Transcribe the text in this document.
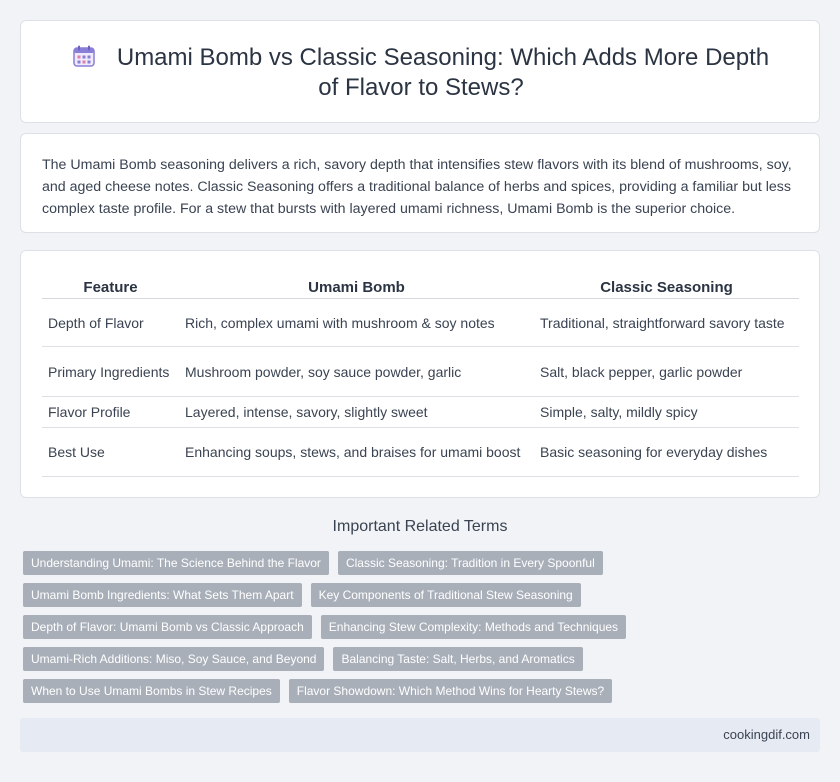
Umami Bomb vs Classic Seasoning: Which Adds More Depth of Flavor to Stews?

The Umami Bomb seasoning delivers a rich, savory depth that intensifies stew flavors with its blend of mushrooms, soy, and aged cheese notes. Classic Seasoning offers a traditional balance of herbs and spices, providing a familiar but less complex taste profile. For a stew that bursts with layered umami richness, Umami Bomb is the superior choice.

Feature	Umami Bomb	Classic Seasoning
Depth of Flavor	Rich, complex umami with mushroom & soy notes	Traditional, straightforward savory taste
Primary Ingredients	Mushroom powder, soy sauce powder, garlic	Salt, black pepper, garlic powder
Flavor Profile	Layered, intense, savory, slightly sweet	Simple, salty, mildly spicy
Best Use	Enhancing soups, stews, and braises for umami boost	Basic seasoning for everyday dishes
Important Related Terms
Understanding Umami: The Science Behind the Flavor	Classic Seasoning: Tradition in Every Spoonful
Umami Bomb Ingredients: What Sets Them Apart	Key Components of Traditional Stew Seasoning
Depth of Flavor: Umami Bomb vs Classic Approach	Enhancing Stew Complexity: Methods and Techniques
Umami-Rich Additions: Miso, Soy Sauce, and Beyond	Balancing Taste: Salt, Herbs, and Aromatics
When to Use Umami Bombs in Stew Recipes	Flavor Showdown: Which Method Wins for Hearty Stews?
cookingdif.com
